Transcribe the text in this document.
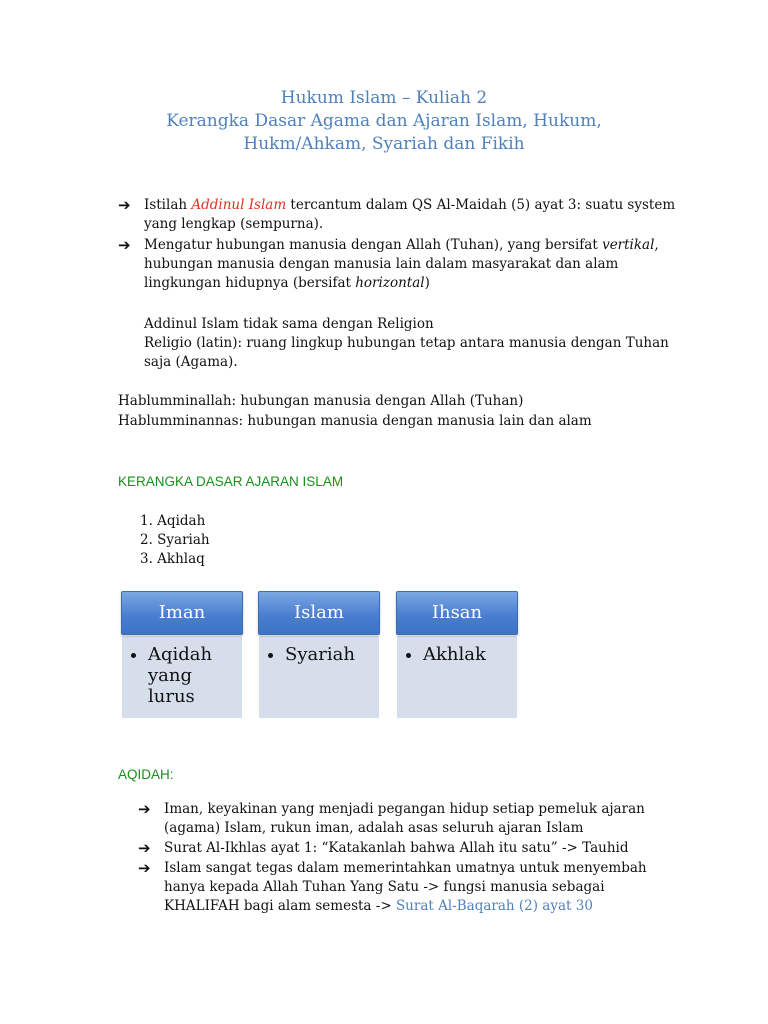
Hukum Islam – Kuliah 2
Kerangka Dasar Agama dan Ajaran Islam, Hukum,
Hukm/Ahkam, Syariah dan Fikih
➔ Istilah Addinul Islam tercantum dalam QS Al-Maidah (5) ayat 3: suatu system yang lengkap (sempurna).
➔ Mengatur hubungan manusia dengan Allah (Tuhan), yang bersifat vertikal, hubungan manusia dengan manusia lain dalam masyarakat dan alam lingkungan hidupnya (bersifat horizontal)
Addinul Islam tidak sama dengan Religion
Religio (latin): ruang lingkup hubungan tetap antara manusia dengan Tuhan
saja (Agama).
Hablumminallah: hubungan manusia dengan Allah (Tuhan)
Hablumminannas: hubungan manusia dengan manusia lain dan alam
KERANGKA DASAR AJARAN ISLAM
1. Aqidah
2. Syariah
3. Akhlaq
• Aqidah yang lurus
• Syariah
•	Akhlak
Iman	Islam	Ihsan
AQIDAH:
➔ Iman, keyakinan yang menjadi pegangan hidup setiap pemeluk ajaran (agama) Islam, rukun iman, adalah asas seluruh ajaran Islam
➔ Surat Al-Ikhlas ayat 1: “Katakanlah bahwa Allah itu satu” -> Tauhid
➔ Islam sangat tegas dalam memerintahkan umatnya untuk menyembah hanya kepada Allah Tuhan Yang Satu -> fungsi manusia sebagai KHALIFAH bagi alam semesta -> Surat Al-Baqarah (2) ayat 30
